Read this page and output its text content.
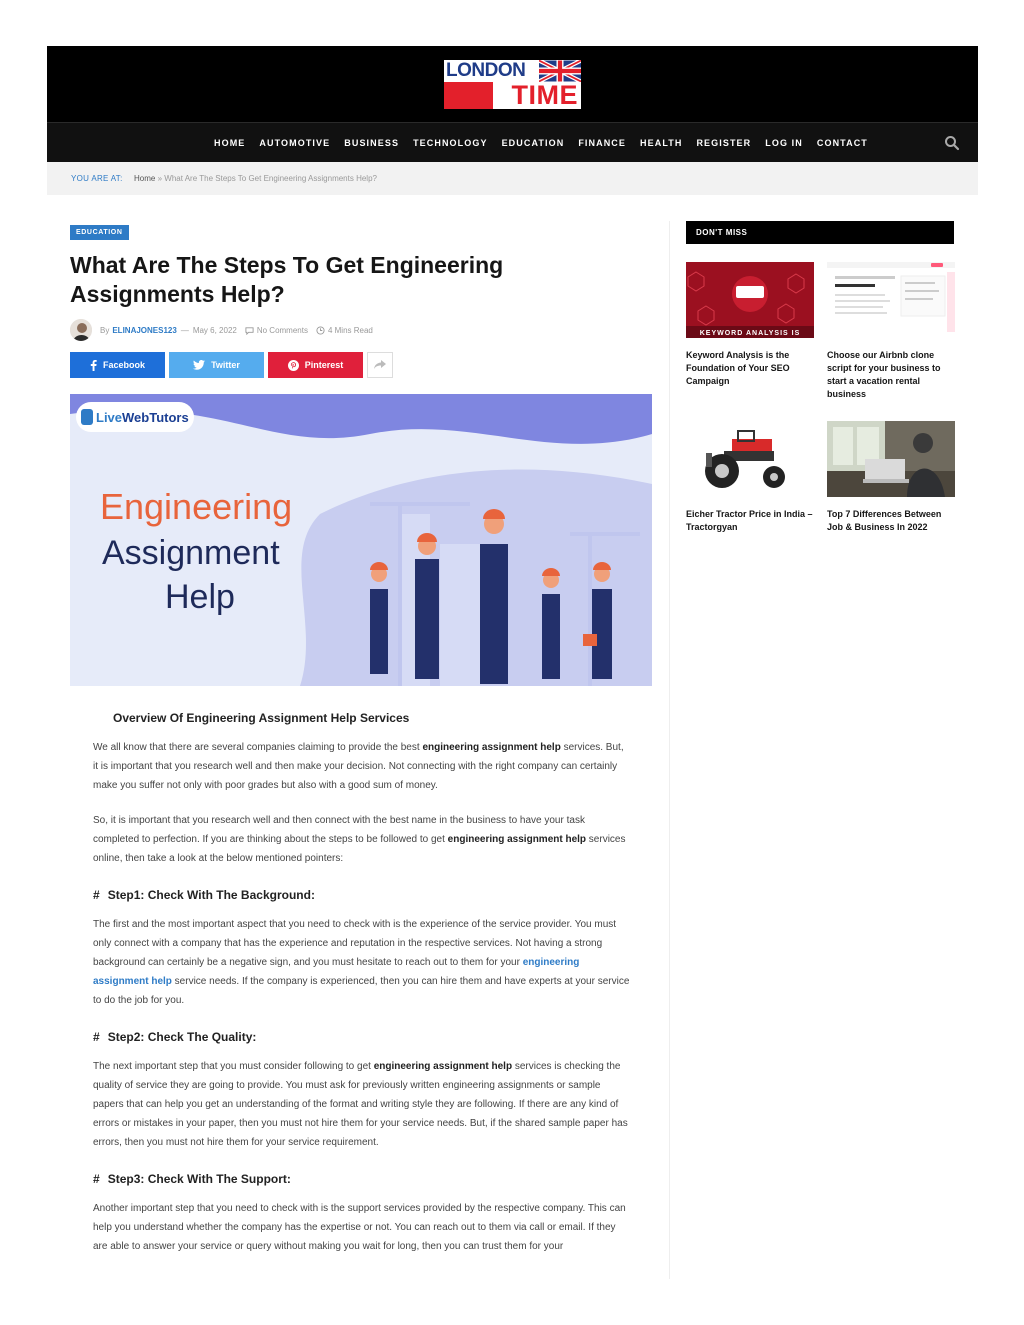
LONDON
TIME
HOME	AUTOMOTIVE	BUSINESS	TECHNOLOGY	EDUCATION	FINANCE	HEALTH	REGISTER	LOG IN	CONTACT
YOU ARE AT: Home » What Are The Steps To Get Engineering Assignments Help?
EDUCATION
What Are The Steps To Get Engineering Assignments Help?
By ELINAJONES123 — May 6, 2022	No Comments	4 Mins Read
Facebook	Twitter	Pinterest
LiveWebTutors
Engineering
Assignment
Help
Overview Of Engineering Assignment Help Services

We all know that there are several companies claiming to provide the best engineering assignment help services. But, it is important that you research well and then make your decision. Not connecting with the right company can certainly make you suffer not only with poor grades but also with a good sum of money.

So, it is important that you research well and then connect with the best name in the business to have your task completed to perfection. If you are thinking about the steps to be followed to get engineering assignment help services online, then take a look at the below mentioned pointers:

# Step1: Check With The Background:

The first and the most important aspect that you need to check with is the experience of the service provider. You must only connect with a company that has the experience and reputation in the respective services. Not having a strong background can certainly be a negative sign, and you must hesitate to reach out to them for your engineering assignment help service needs. If the company is experienced, then you can hire them and have experts at your service to do the job for you.

# Step2: Check The Quality:

The next important step that you must consider following to get engineering assignment help services is checking the quality of service they are going to provide. You must ask for previously written engineering assignments or sample papers that can help you get an understanding of the format and writing style they are following. If there are any kind of errors or mistakes in your paper, then you must not hire them for your service needs. But, if the shared sample paper has errors, then you must not hire them for your service requirement.

# Step3: Check With The Support:

Another important step that you need to check with is the support services provided by the respective company. This can help you understand whether the company has the expertise or not. You can reach out to them via call or email. If they are able to answer your service or query without making you wait for long, then you can trust them for your

DON'T MISS
KEYWORD ANALYSIS IS
Keyword Analysis is the Foundation of Your SEO Campaign
Choose our Airbnb clone script for your business to start a vacation rental business
Eicher Tractor Price in India – Tractorgyan
Top 7 Differences Between Job & Business In 2022
